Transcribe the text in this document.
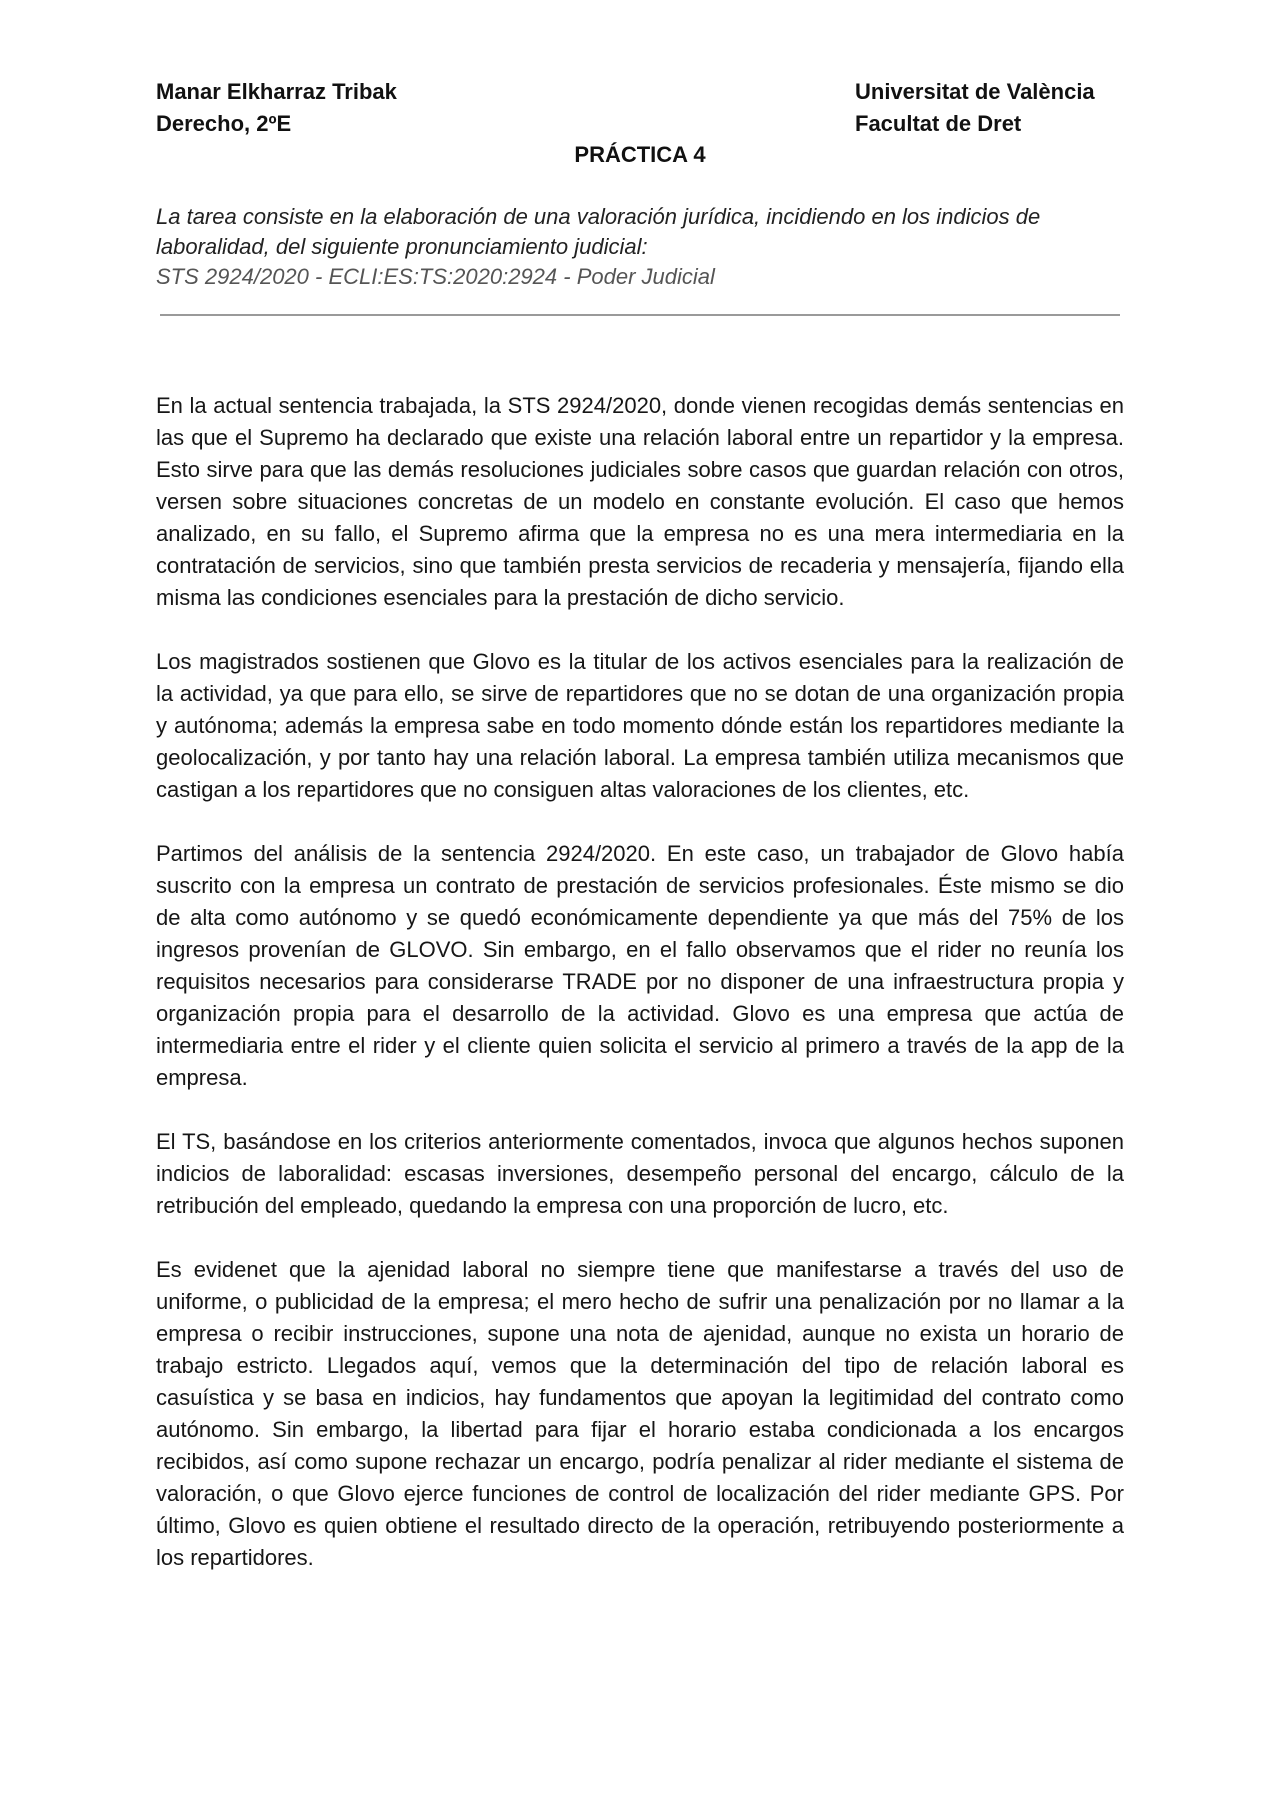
Manar Elkharraz Tribak
Derecho, 2ºE
Universitat de València
Facultat de Dret
PRÁCTICA 4
La tarea consiste en la elaboración de una valoración jurídica, incidiendo en los indicios de laboralidad, del siguiente pronunciamiento judicial:
STS 2924/2020 - ECLI:ES:TS:2020:2924 - Poder Judicial

En la actual sentencia trabajada, la STS 2924/2020, donde vienen recogidas demás sentencias en las que el Supremo ha declarado que existe una relación laboral entre un repartidor y la empresa. Esto sirve para que las demás resoluciones judiciales sobre casos que guardan relación con otros, versen sobre situaciones concretas de un modelo en constante evolución. El caso que hemos analizado, en su fallo, el Supremo afirma que la empresa no es una mera intermediaria en la contratación de servicios, sino que también presta servicios de recaderia y mensajería, fijando ella misma las condiciones esenciales para la prestación de dicho servicio.

Los magistrados sostienen que Glovo es la titular de los activos esenciales para la realización de la actividad, ya que para ello, se sirve de repartidores que no se dotan de una organización propia y autónoma; además la empresa sabe en todo momento dónde están los repartidores mediante la geolocalización, y por tanto hay una relación laboral. La empresa también utiliza mecanismos que castigan a los repartidores que no consiguen altas valoraciones de los clientes, etc.

Partimos del análisis de la sentencia 2924/2020. En este caso, un trabajador de Glovo había suscrito con la empresa un contrato de prestación de servicios profesionales. Éste mismo se dio de alta como autónomo y se quedó económicamente dependiente ya que más del 75% de los ingresos provenían de GLOVO. Sin embargo, en el fallo observamos que el rider no reunía los requisitos necesarios para considerarse TRADE por no disponer de una infraestructura propia y organización propia para el desarrollo de la actividad. Glovo es una empresa que actúa de intermediaria entre el rider y el cliente quien solicita el servicio al primero a través de la app de la empresa.

El TS, basándose en los criterios anteriormente comentados, invoca que algunos hechos suponen indicios de laboralidad: escasas inversiones, desempeño personal del encargo, cálculo de la retribución del empleado, quedando la empresa con una proporción de lucro, etc.

Es evidenet que la ajenidad laboral no siempre tiene que manifestarse a través del uso de uniforme, o publicidad de la empresa; el mero hecho de sufrir una penalización por no llamar a la empresa o recibir instrucciones, supone una nota de ajenidad, aunque no exista un horario de trabajo estricto. Llegados aquí, vemos que la determinación del tipo de relación laboral es casuística y se basa en indicios, hay fundamentos que apoyan la legitimidad del contrato como autónomo. Sin embargo, la libertad para fijar el horario estaba condicionada a los encargos recibidos, así como supone rechazar un encargo, podría penalizar al rider mediante el sistema de valoración, o que Glovo ejerce funciones de control de localización del rider mediante GPS. Por último, Glovo es quien obtiene el resultado directo de la operación, retribuyendo posteriormente a los repartidores.
